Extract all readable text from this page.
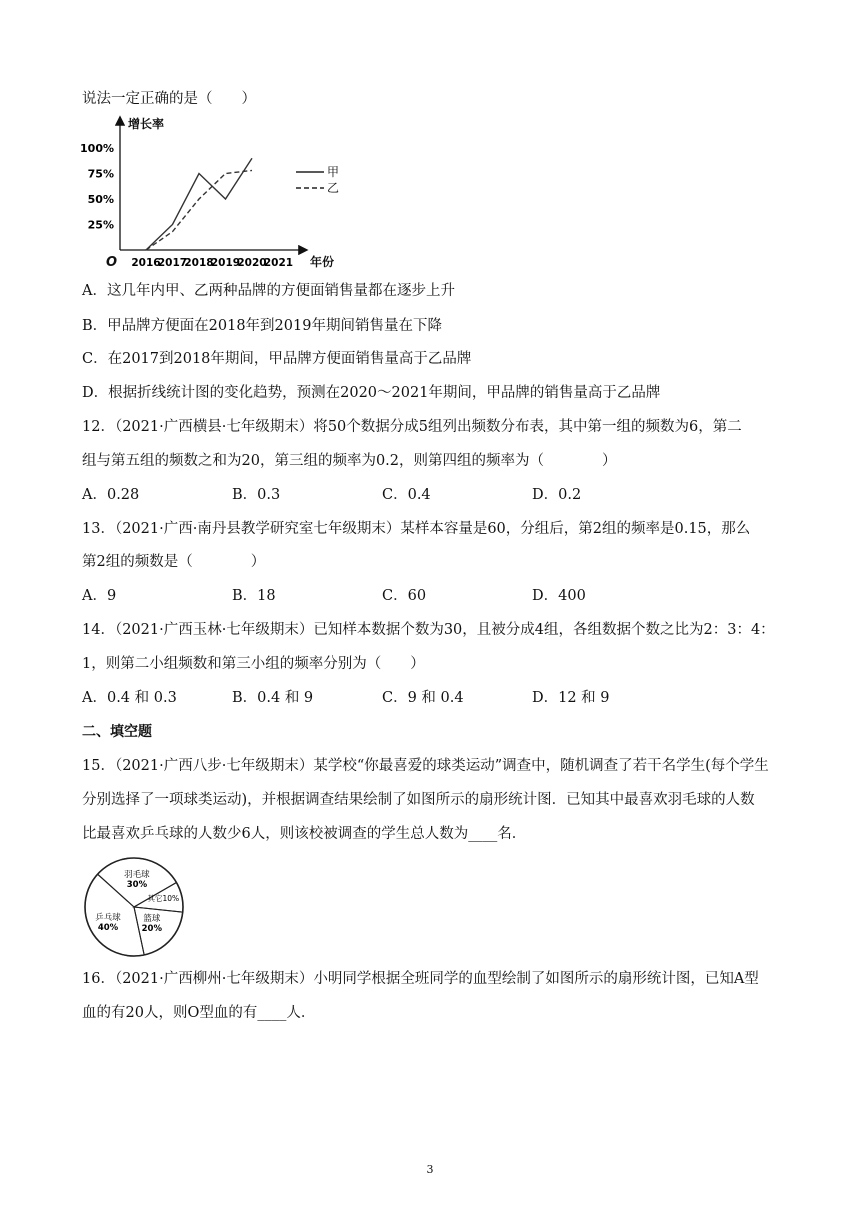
说法一定正确的是（　　）
增长率
年份
O
100%
75%
50%
25%
2016
2017
2018
2019
2020
2021
甲
乙
A．这几年内甲、乙两种品牌的方便面销售量都在逐步上升
B．甲品牌方便面在2018年到2019年期间销售量在下降
C．在2017到2018年期间，甲品牌方便面销售量高于乙品牌
D．根据折线统计图的变化趋势，预测在2020～2021年期间，甲品牌的销售量高于乙品牌
12．（2021·广西横县·七年级期末）将50个数据分成5组列出频数分布表，其中第一组的频数为6，第二
组与第五组的频数之和为20，第三组的频率为0.2，则第四组的频率为（　　　　）
A．0.28	B．0.3	C．0.4	D．0.2
13．（2021·广西·南丹县教学研究室七年级期末）某样本容量是60，分组后，第2组的频率是0.15，那么
第2组的频数是（　　　　）
A．9	B．18	C．60	D．400
14．（2021·广西玉林·七年级期末）已知样本数据个数为30，且被分成4组，各组数据个数之比为2：3：4：
1，则第二小组频数和第三小组的频率分别为（　　）
A．0.4 和 0.3	B．0.4 和 9	C．9 和 0.4	D．12 和 9
二、填空题
15．（2021·广西八步·七年级期末）某学校“你最喜爱的球类运动”调查中，随机调查了若干名学生(每个学生
分别选择了一项球类运动)，并根据调查结果绘制了如图所示的扇形统计图．已知其中最喜欢羽毛球的人数
比最喜欢乒乓球的人数少6人，则该校被调查的学生总人数为____名．
羽毛球
30%
其它10%
篮球
20%
乒乓球
40%
16．（2021·广西柳州·七年级期末）小明同学根据全班同学的血型绘制了如图所示的扇形统计图，已知A型
血的有20人，则O型血的有____人．
3
